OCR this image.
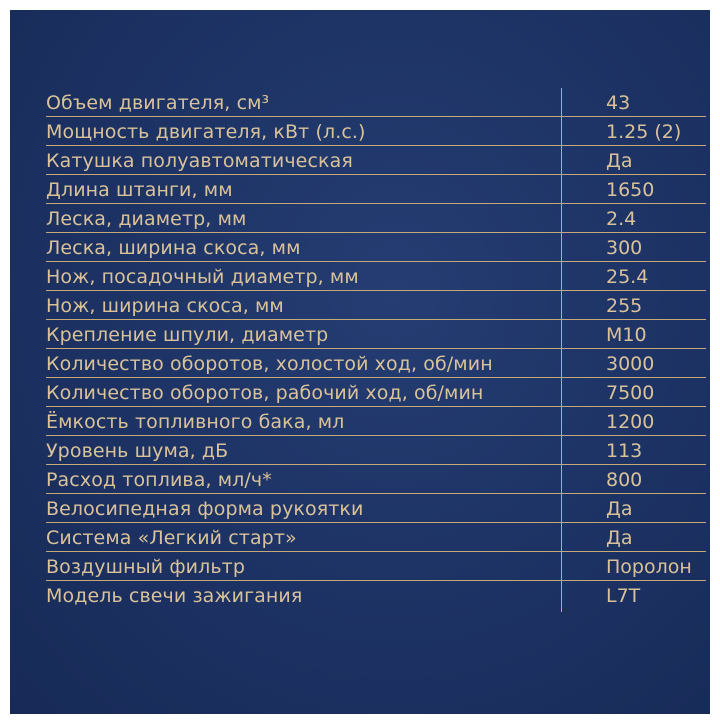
Объем двигателя, см³	43
Мощность двигателя, кВт (л.с.)	1.25 (2)
Катушка полуавтоматическая	Да
Длина штанги, мм	1650
Леска, диаметр, мм	2.4
Леска, ширина скоса, мм	300
Нож, посадочный диаметр, мм	25.4
Нож, ширина скоса, мм	255
Крепление шпули, диаметр	М10
Количество оборотов, холостой ход, об/мин	3000
Количество оборотов, рабочий ход, об/мин	7500
Ёмкость топливного бака, мл	1200
Уровень шума, дБ	113
Расход топлива, мл/ч*	800
Велосипедная форма рукоятки	Да
Система «Легкий старт»	Да
Воздушный фильтр	Поролон
Модель свечи зажигания	L7T
